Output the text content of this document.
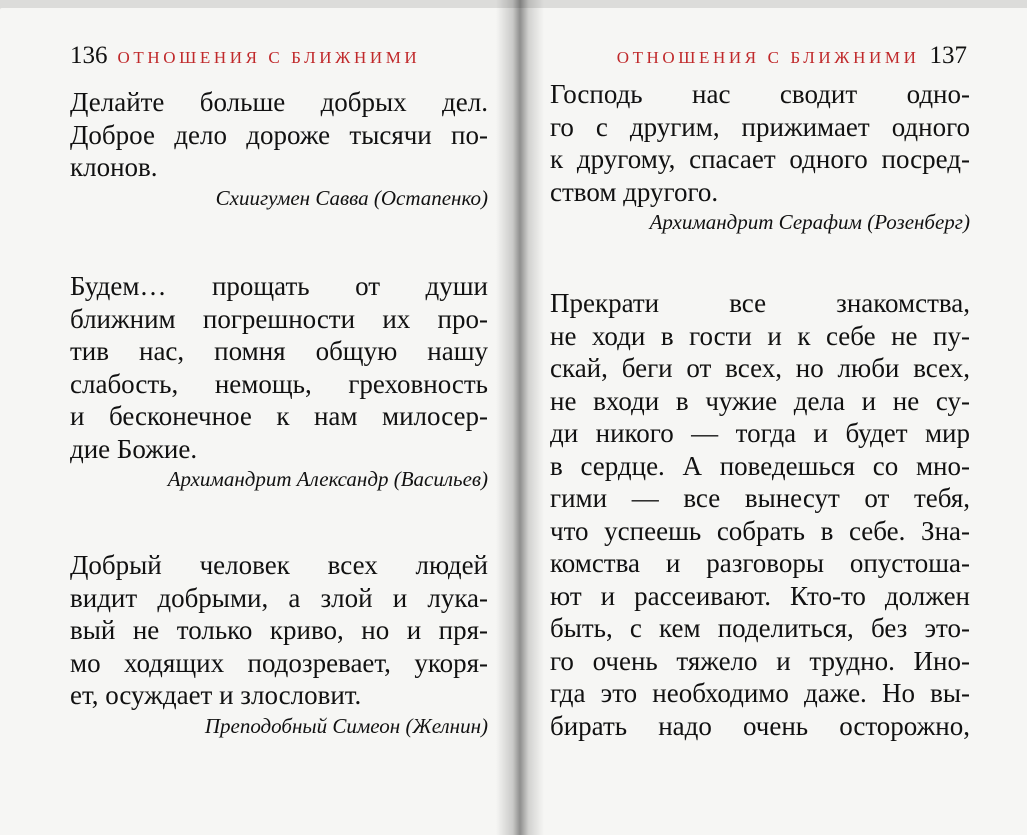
136 ОТНОШЕНИЯ С БЛИЖНИМИ

Делайте больше добрых дел.

Доброе дело дороже тысячи по-

клонов.

Схиигумен Савва (Остапенко)

Будем… прощать от души

ближним погрешности их про-

тив нас, помня общую нашу

слабость, немощь, греховность

и бесконечное к нам милосер-

дие Божие.

Архимандрит Александр (Васильев)

Добрый человек всех людей

видит добрыми, а злой и лука-

вый не только криво, но и пря-

мо ходящих подозревает, укоря-

ет, осуждает и злословит.

Преподобный Симеон (Желнин)

ОТНОШЕНИЯ С БЛИЖНИМИ 137

Господь нас сводит одно-

го с другим, прижимает одного

к другому, спасает одного посред-

ством другого.

Архимандрит Серафим (Розенберг)

Прекрати все знакомства,

не ходи в гости и к себе не пу-

скай, беги от всех, но люби всех,

не входи в чужие дела и не су-

ди никого — тогда и будет мир

в сердце. А поведешься со мно-

гими — все вынесут от тебя,

что успеешь собрать в себе. Зна-

комства и разговоры опустоша-

ют и рассеивают. Кто-то должен

быть, с кем поделиться, без это-

го очень тяжело и трудно. Ино-

гда это необходимо даже. Но вы-

бирать надо очень осторожно,
